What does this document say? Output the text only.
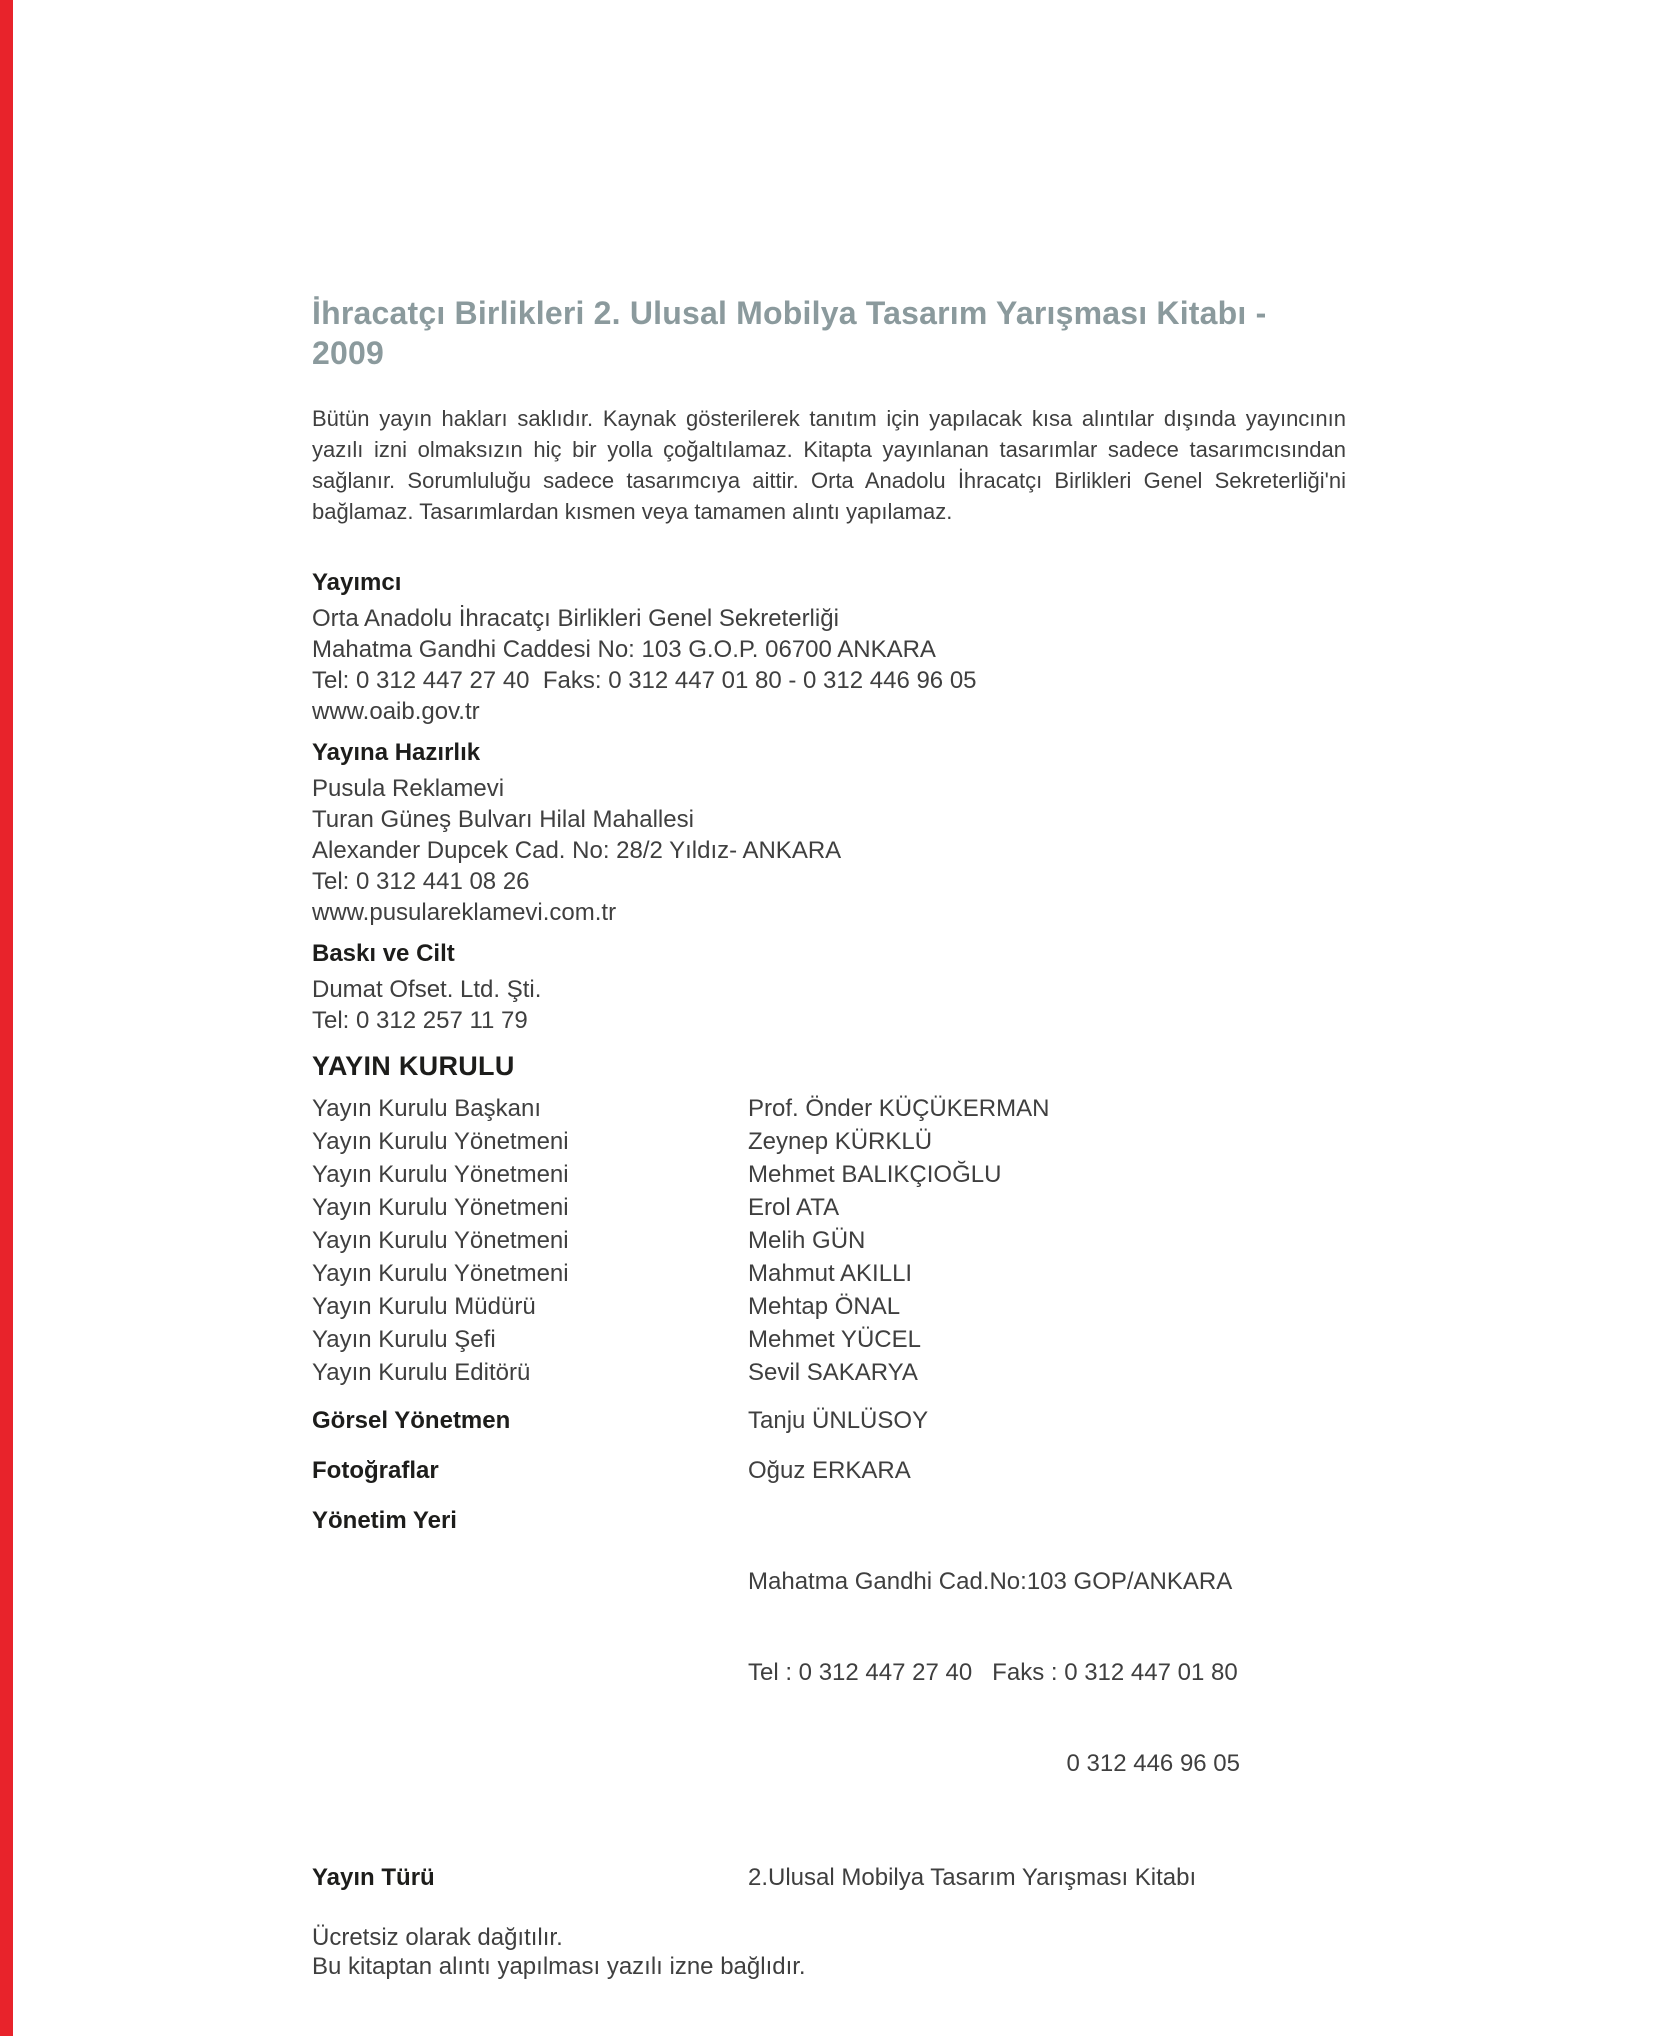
İhracatçı Birlikleri 2. Ulusal Mobilya Tasarım Yarışması Kitabı - 2009

Bütün yayın hakları saklıdır. Kaynak gösterilerek tanıtım için yapılacak kısa alıntılar dışında yayıncının yazılı izni olmaksızın hiç bir yolla çoğaltılamaz. Kitapta yayınlanan tasarımlar sadece tasarımcısından sağlanır. Sorumluluğu sadece tasarımcıya aittir. Orta Anadolu İhracatçı Birlikleri Genel Sekreterliği'ni bağlamaz. Tasarımlardan kısmen veya tamamen alıntı yapılamaz.

Yayımcı
Orta Anadolu İhracatçı Birlikleri Genel Sekreterliği
Mahatma Gandhi Caddesi No: 103 G.O.P. 06700 ANKARA
Tel: 0 312 447 27 40  Faks: 0 312 447 01 80 - 0 312 446 96 05
www.oaib.gov.tr
Yayına Hazırlık
Pusula Reklamevi
Turan Güneş Bulvarı Hilal Mahallesi
Alexander Dupcek Cad. No: 28/2 Yıldız- ANKARA
Tel: 0 312 441 08 26
www.pusulareklamevi.com.tr
Baskı ve Cilt
Dumat Ofset. Ltd. Şti.
Tel: 0 312 257 11 79
YAYIN KURULU
Yayın Kurulu Başkanı	Prof. Önder KÜÇÜKERMAN
Yayın Kurulu Yönetmeni	Zeynep KÜRKLÜ
Yayın Kurulu Yönetmeni	Mehmet BALIKÇIOĞLU
Yayın Kurulu Yönetmeni	Erol ATA
Yayın Kurulu Yönetmeni	Melih GÜN
Yayın Kurulu Yönetmeni	Mahmut AKILLI
Yayın Kurulu Müdürü	Mehtap ÖNAL
Yayın Kurulu Şefi	Mehmet YÜCEL
Yayın Kurulu Editörü	Sevil SAKARYA
Görsel Yönetmen	Tanju ÜNLÜSOY
Fotoğraflar	Oğuz ERKARA
Yönetim Yeri

Mahatma Gandhi Cad.No:103 GOP/ANKARA

Tel : 0 312 447 27 40   Faks : 0 312 447 01 80

0 312 446 96 05

Yayın Türü	2.Ulusal Mobilya Tasarım Yarışması Kitabı
Ücretsiz olarak dağıtılır.
Bu kitaptan alıntı yapılması yazılı izne bağlıdır.
